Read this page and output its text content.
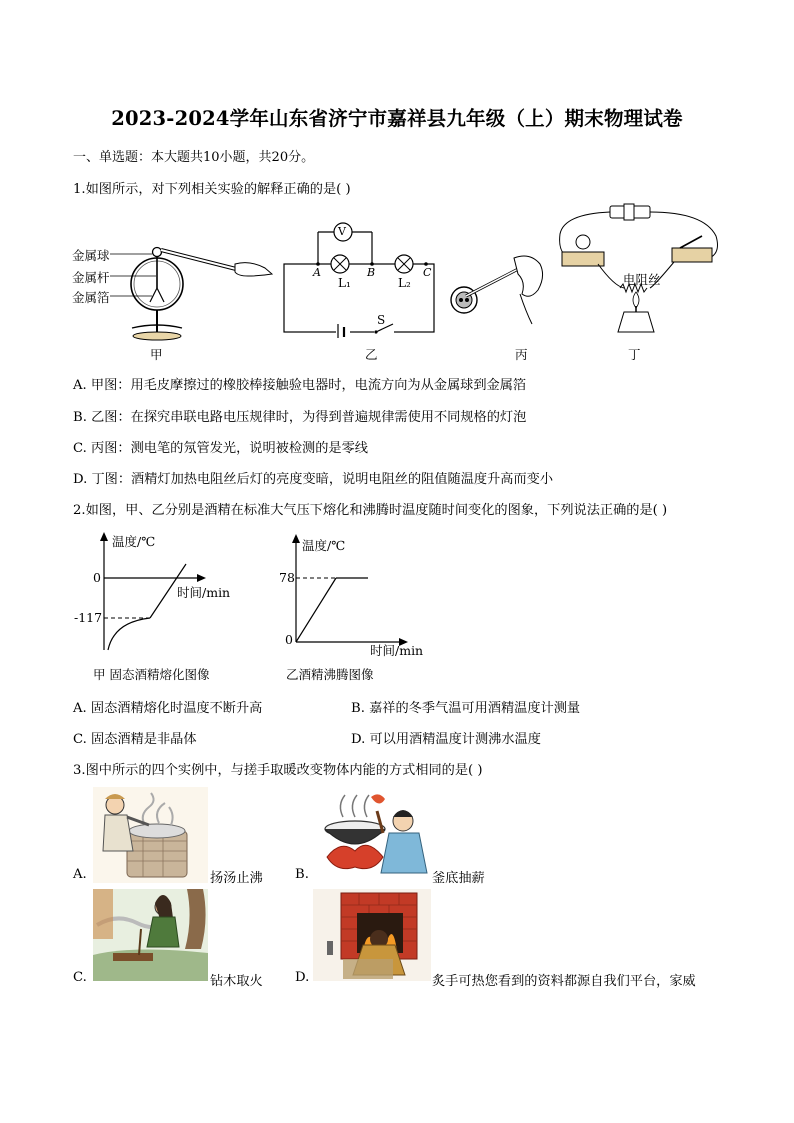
2023-2024学年山东省济宁市嘉祥县九年级（上）期末物理试卷
一、单选题：本大题共10小题，共20分。
1.如图所示，对下列相关实验的解释正确的是( )
金属球
金属杆
金属箔
甲
V
A	B	C
L₁	L₂
S
乙	丙
电阻丝
丁
A. 甲图：用毛皮摩擦过的橡胶棒接触验电器时，电流方向为从金属球到金属箔
B. 乙图：在探究串联电路电压规律时，为得到普遍规律需使用不同规格的灯泡
C. 丙图：测电笔的氖管发光，说明被检测的是零线
D. 丁图：酒精灯加热电阻丝后灯的亮度变暗，说明电阻丝的阻值随温度升高而变小
2.如图，甲、乙分别是酒精在标准大气压下熔化和沸腾时温度随时间变化的图象，下列说法正确的是( )
温度/℃
0
-117
时间/min
甲 固态酒精熔化图像
温度/℃
78
0
时间/min
乙酒精沸腾图像
A. 固态酒精熔化时温度不断升高	B. 嘉祥的冬季气温可用酒精温度计测量
C. 固态酒精是非晶体	D. 可以用酒精温度计测沸水温度
3.图中所示的四个实例中，与搓手取暖改变物体内能的方式相同的是( )
A.	扬汤止沸 B.	釜底抽薪
C.	钻木取火 D.	炙手可热您看到的资料都源自我们平台，家威
